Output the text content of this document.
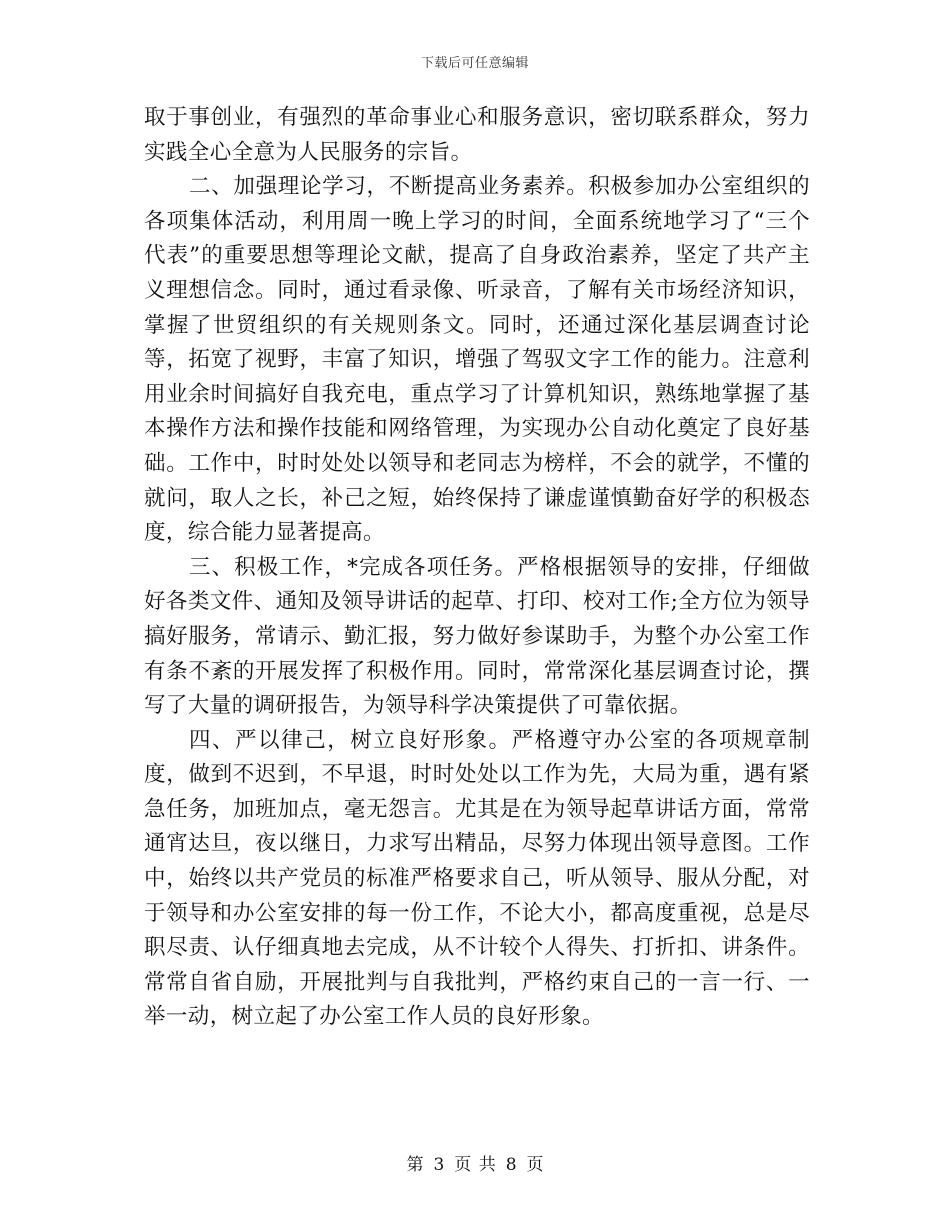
下载后可任意编辑

取于事创业，有强烈的革命事业心和服务意识，密切联系群众，努力实践全心全意为人民服务的宗旨。

二、加强理论学习，不断提高业务素养。积极参加办公室组织的各项集体活动，利用周一晚上学习的时间，全面系统地学习了“三个代表”的重要思想等理论文献，提高了自身政治素养，坚定了共产主义理想信念。同时，通过看录像、听录音，了解有关市场经济知识，掌握了世贸组织的有关规则条文。同时，还通过深化基层调查讨论等，拓宽了视野，丰富了知识，增强了驾驭文字工作的能力。注意利用业余时间搞好自我充电，重点学习了计算机知识，熟练地掌握了基本操作方法和操作技能和网络管理，为实现办公自动化奠定了良好基础。工作中，时时处处以领导和老同志为榜样，不会的就学，不懂的就问，取人之长，补己之短，始终保持了谦虚谨慎勤奋好学的积极态度，综合能力显著提高。

三、积极工作，*完成各项任务。严格根据领导的安排，仔细做好各类文件、通知及领导讲话的起草、打印、校对工作;全方位为领导搞好服务，常请示、勤汇报，努力做好参谋助手，为整个办公室工作有条不紊的开展发挥了积极作用。同时，常常深化基层调查讨论，撰写了大量的调研报告，为领导科学决策提供了可靠依据。

四、严以律己，树立良好形象。严格遵守办公室的各项规章制度，做到不迟到，不早退，时时处处以工作为先，大局为重，遇有紧急任务，加班加点，毫无怨言。尤其是在为领导起草讲话方面，常常通宵达旦，夜以继日，力求写出精品，尽努力体现出领导意图。工作中，始终以共产党员的标准严格要求自己，听从领导、服从分配，对于领导和办公室安排的每一份工作，不论大小，都高度重视，总是尽职尽责、认仔细真地去完成，从不计较个人得失、打折扣、讲条件。常常自省自励，开展批判与自我批判，严格约束自己的一言一行、一举一动，树立起了办公室工作人员的良好形象。

第 3 页 共 8 页
